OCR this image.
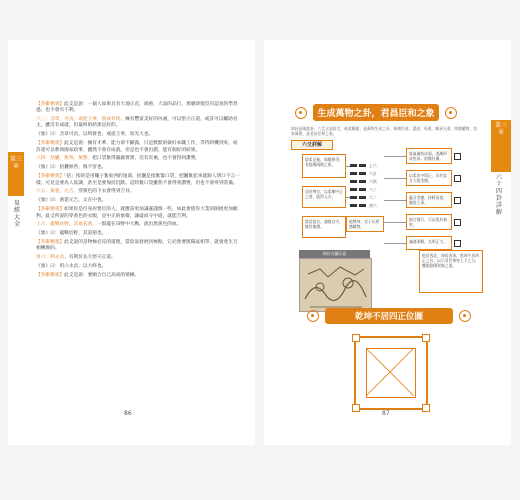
第三章
易經大全
【卦辭精義】此爻是說：一個人如果具有大地正直、端重、大氣的品行，那麼即使沒有認真的學習過，也不會有不利。
六三：含章，可貞。或從王事，無成有終。擁有豐富美好的內涵，可以堅守正道，或許可以輔助君主，雖沒有成就，但最終的結果是好的。
《象》曰：含章可貞，以時發也；或從王事，知光大也。
【卦辭精義】此爻是說：擁有才華、能力卻不顯露，只是默默的做好本職工作，等待時機到來，或許還可以參與國家政事，雖然不會有成就，但是也不會出錯，能有個好的結果。
六四：括囊，無咎，無譽。把口袋紮得嚴嚴實實，沒有災禍，也不會得到讚譽。
《象》曰：括囊無咎，慎不害也。
【卦辭精義】「括」指的是用繩子紮東西的尾部，括囊是指紮緊口袋，把囊紮起來就跟人閉口不言一樣，可見是要為人低調，甚至是要保持沉默。這時紮口袋雖然不會得到讚譽，但也不會得到責備。
六五：黃裳，元吉。穿黃色的下衣會得到吉祥。
《象》曰：黃裳元吉，文在中也。
【卦辭精義】如果你是位身居要位的人，就應該更加謙遜謹慎一些，如此會使你大業的開展更加順利。此爻所說的穿黃色的衣服，是中正的象徵，謙虛而守中道，就能吉利。
上六：龍戰於野，其血玄黃。一群龍在田野中大戰，流出黑黃色的血。
《象》曰：龍戰於野，其道窮也。
【卦辭精義】此爻說的是物極必反的道理，當陰氣發展到極點，它必然要與陽氣相爭，就會產生互相轉換的。
用六：利永貞。有利於長久堅守正道。
《象》曰：用六永貞，以大終也。
【卦辭精義】此爻是說：要順合自己高尚的情操。
86
生成萬物之卦，君昌臣和之象
坤卦是純陰卦，六爻全是陰爻，純柔順從，是萬物生成之卦，象徵臣道、妻道、母道，順承天道、厚德載物、包容萬物，是君昌臣和之象。
第三章
六十四卦詳解
六爻詳解
上六
六五
六四
六三
六二
初六
陰柔至極，與陽相爭，有陰陽兩傷之象。
居於尊位，以柔順中正之道，能得元吉。
陰居陰位，謹慎自守，無咎無譽。
陰氣凝結成霜，逐漸形成堅冰，防微杜漸。
以柔居中得正，具有直方大的美德。
蘊含美德，待時而發，隨從王事。
慎言慎行，可以免於禍害。
謙遜柔順，光明正大。
地勢坤，君子以厚德載物。
坤卦古圖示意	乾居西北，坤居西南，乾坤不居四正之位，以示君臣尊卑上下之分，體現陰陽和諧之道。
乾坤不居四正位圖
87
